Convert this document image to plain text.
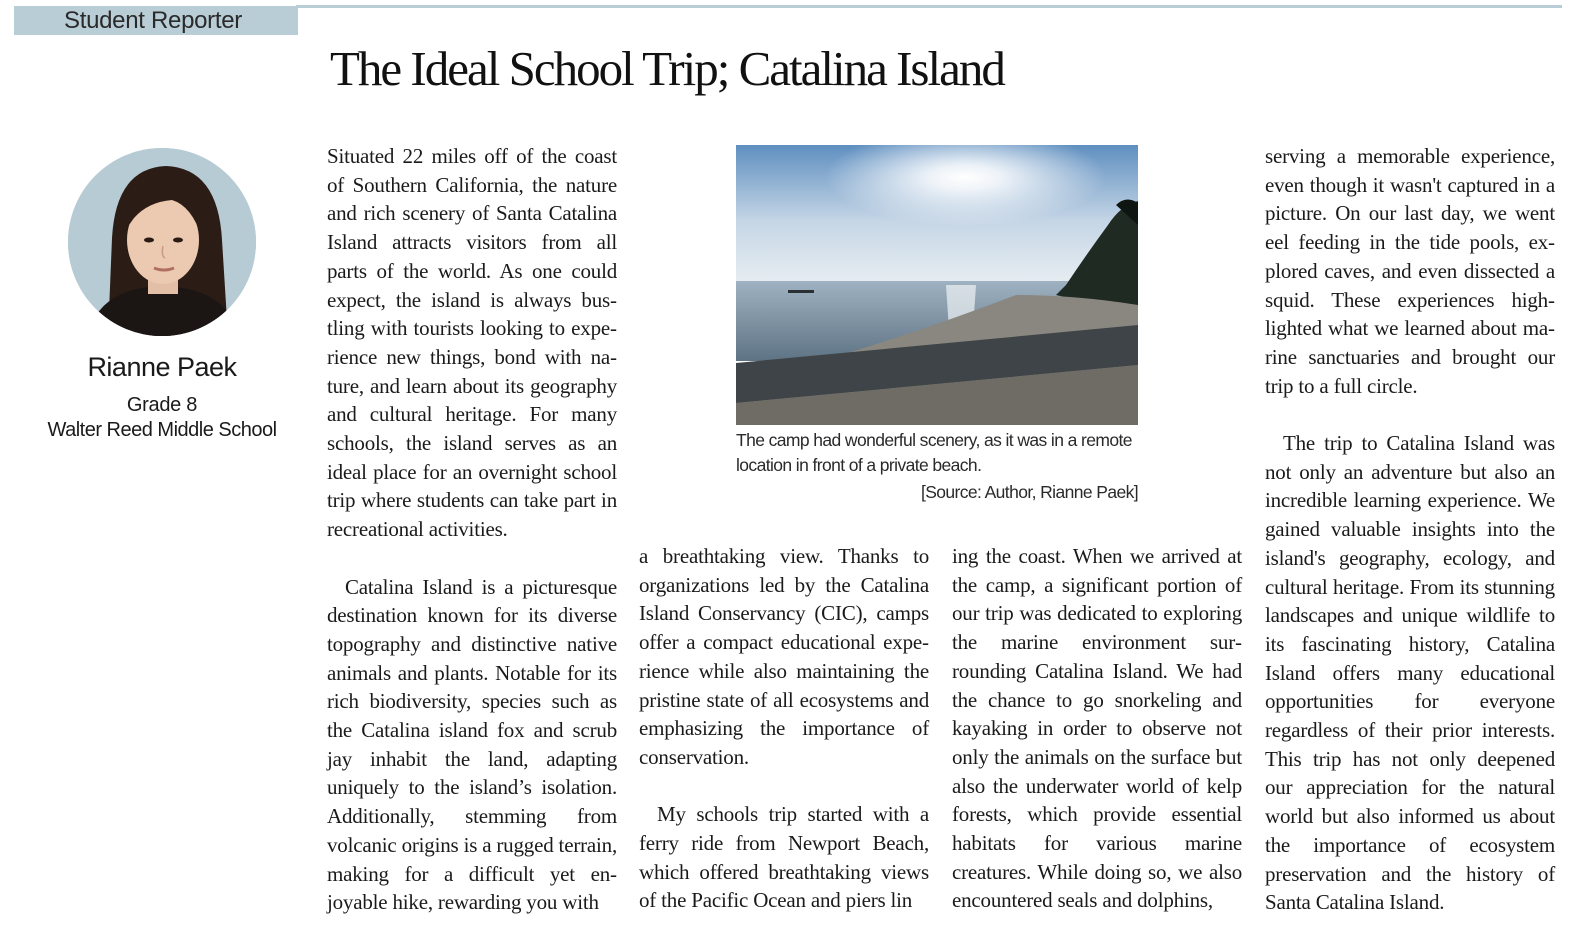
Student Reporter
The Ideal School Trip; Catalina Island
Rianne Paek
Grade 8
Walter Reed Middle School

Situated 22 miles off of the coast of Southern California, the nature and rich scenery of Santa Catalina Island attracts visitors from all parts of the world. As one could expect, the island is always bustling with tourists looking to experience new things, bond with nature, and learn about its geography and cultural heritage. For many schools, the island serves as an ideal place for an overnight school trip where students can take part in recreational activities.

Catalina Island is a picturesque destination known for its diverse topography and distinctive native animals and plants. Notable for its rich biodiversity, species such as the Catalina island fox and scrub jay inhabit the land, adapting uniquely to the island’s isolation. Additionally, stemming from volcanic origins is a rugged terrain, making for a difficult yet enjoyable hike, rewarding you with

The camp had wonderful scenery, as it was in a remote location in front of a private beach.
[Source: Author, Rianne Paek]

a breathtaking view. Thanks to organizations led by the Catalina Island Conservancy (CIC), camps offer a compact educational experience while also maintaining the pristine state of all ecosystems and emphasizing the importance of conservation.

My schools trip started with a ferry ride from Newport Beach, which offered breathtaking views of the Pacific Ocean and piers lin

ing the coast. When we arrived at the camp, a significant portion of our trip was dedicated to exploring the marine environment surrounding Catalina Island. We had the chance to go snorkeling and kayaking in order to observe not only the animals on the surface but also the underwater world of kelp forests, which provide essential habitats for various marine creatures. While doing so, we also encountered seals and dolphins,

serving a memorable experience, even though it wasn't captured in a picture. On our last day, we went eel feeding in the tide pools, explored caves, and even dissected a squid. These experiences highlighted what we learned about marine sanctuaries and brought our trip to a full circle.

The trip to Catalina Island was not only an adventure but also an incredible learning experience. We gained valuable insights into the island's geography, ecology, and cultural heritage. From its stunning landscapes and unique wildlife to its fascinating history, Catalina Island offers many educational opportunities for everyone regardless of their prior interests. This trip has not only deepened our appreciation for the natural world but also informed us about the importance of ecosystem preservation and the history of Santa Catalina Island.
